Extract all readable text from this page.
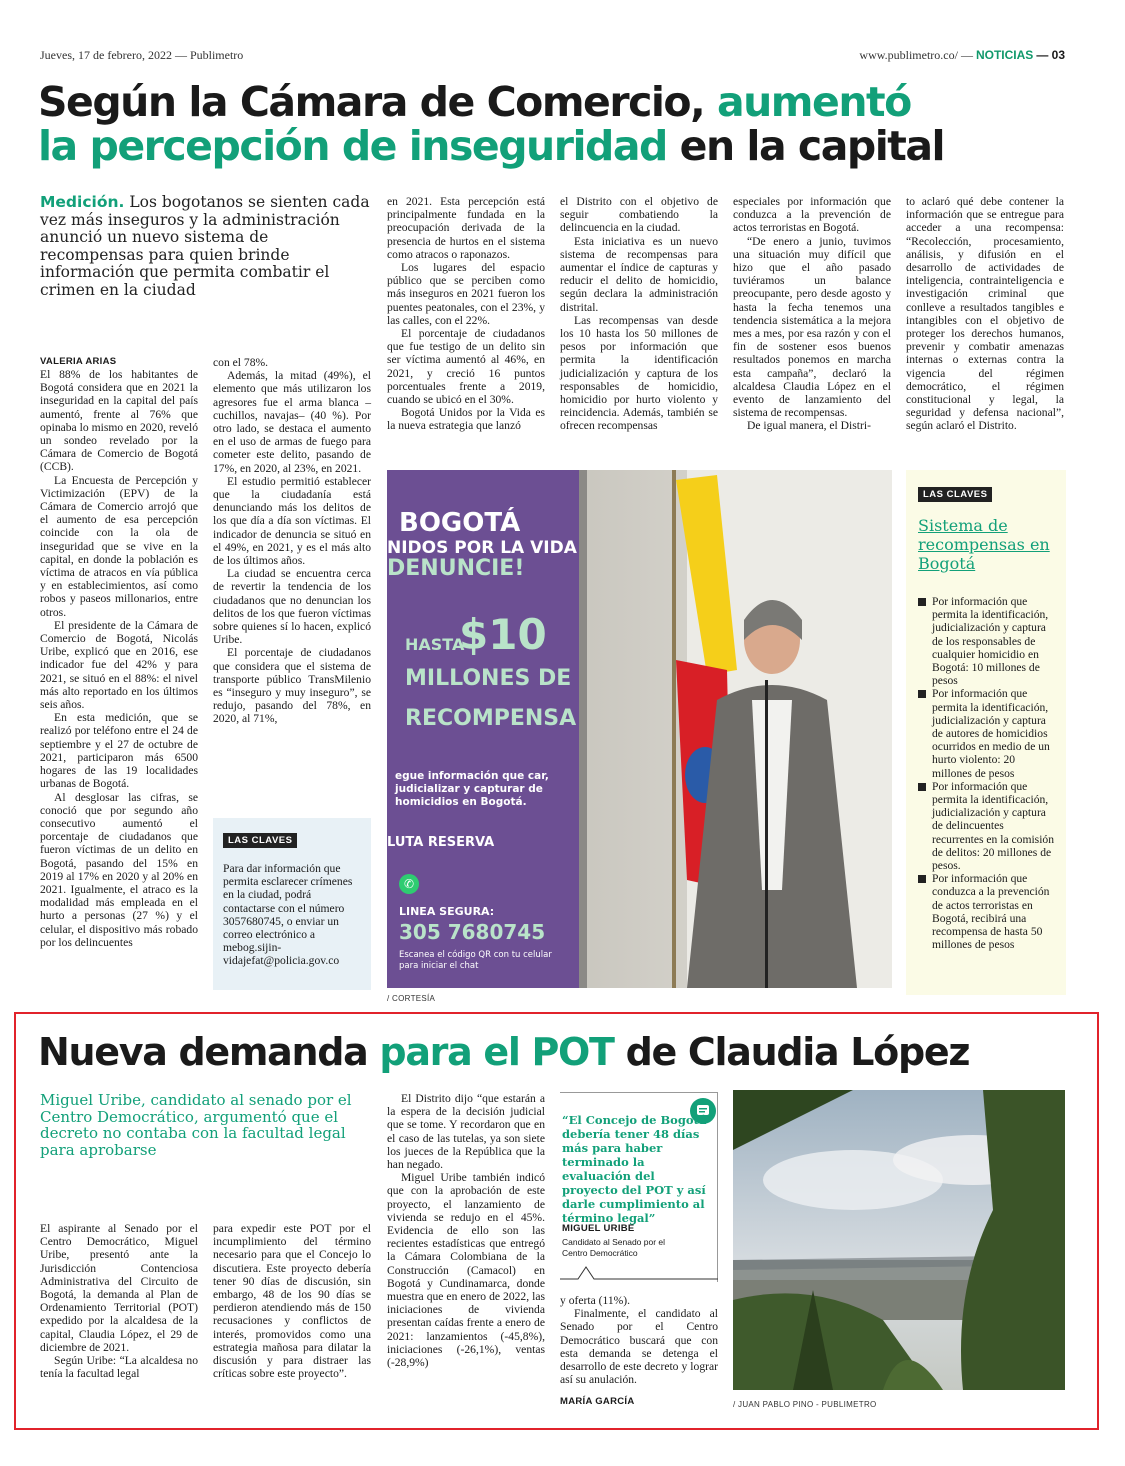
Jueves, 17 de febrero, 2022 — Publimetro	www.publimetro.co/ — NOTICIAS — 03
Según la Cámara de Comercio, aumentó
la percepción de inseguridad en la capital
Medición. Los bogotanos se sienten cada vez más inseguros y la administración anunció un nuevo sistema de recompensas para quien brinde información que permita combatir el crimen en la ciudad
VALERIA ARIAS

El 88% de los habitantes de Bogotá considera que en 2021 la inseguridad en la capital del país aumentó, frente al 76% que opinaba lo mismo en 2020, reveló un sondeo revelado por la Cámara de Comercio de Bogotá (CCB).

La Encuesta de Percepción y Victimización (EPV) de la Cámara de Comercio arrojó que el aumento de esa percepción coincide con la ola de inseguridad que se vive en la capital, en donde la población es víctima de atracos en vía pública y en establecimientos, así como robos y paseos millonarios, entre otros.

El presidente de la Cámara de Comercio de Bogotá, Nicolás Uribe, explicó que en 2016, ese indicador fue del 42% y para 2021, se situó en el 88%: el nivel más alto reportado en los últimos seis años.

En esta medición, que se realizó por teléfono entre el 24 de septiembre y el 27 de octubre de 2021, participaron más 6500 hogares de las 19 localidades urbanas de Bogotá.

Al desglosar las cifras, se conoció que por segundo año consecutivo aumentó el porcentaje de ciudadanos que fueron víctimas de un delito en Bogotá, pasando del 15% en 2019 al 17% en 2020 y al 20% en 2021. Igualmente, el atraco es la modalidad más empleada en el hurto a personas (27 %) y el celular, el dispositivo más robado por los delincuentes

con el 78%.

Además, la mitad (49%), el elemento que más utilizaron los agresores fue el arma blanca – cuchillos, navajas– (40 %). Por otro lado, se destaca el aumento en el uso de armas de fuego para cometer este delito, pasando de 17%, en 2020, al 23%, en 2021.

El estudio permitió establecer que la ciudadanía está denunciando más los delitos de los que día a día son víctimas. El indicador de denuncia se situó en el 49%, en 2021, y es el más alto de los últimos años.

La ciudad se encuentra cerca de revertir la tendencia de los ciudadanos que no denuncian los delitos de los que fueron víctimas sobre quienes sí lo hacen, explicó Uribe.

El porcentaje de ciudadanos que considera que el sistema de transporte público TransMilenio es “inseguro y muy inseguro”, se redujo, pasando del 78%, en 2020, al 71%,

LAS CLAVES
Para dar información que permita esclarecer crímenes en la ciudad, podrá contactarse con el número 3057680745, o enviar un correo electrónico a mebog.sijin-vidajefat@policia.gov.co

en 2021. Esta percepción está principalmente fundada en la preocupación derivada de la presencia de hurtos en el sistema como atracos o raponazos.

Los lugares del espacio público que se perciben como más inseguros en 2021 fueron los puentes peatonales, con el 23%, y las calles, con el 22%.

El porcentaje de ciudadanos que fue testigo de un delito sin ser víctima aumentó al 46%, en 2021, y creció 16 puntos porcentuales frente a 2019, cuando se ubicó en el 30%.

Bogotá Unidos por la Vida es la nueva estrategia que lanzó

el Distrito con el objetivo de seguir combatiendo la delincuencia en la ciudad.

Esta iniciativa es un nuevo sistema de recompensas para aumentar el índice de capturas y reducir el delito de homicidio, según declara la administración distrital.

Las recompensas van desde los 10 hasta los 50 millones de pesos por información que permita la identificación judicialización y captura de los responsables de homicidio, homicidio por hurto violento y reincidencia. Además, también se ofrecen recompensas

especiales por información que conduzca a la prevención de actos terroristas en Bogotá.

“De enero a junio, tuvimos una situación muy difícil que hizo que el año pasado tuviéramos un balance preocupante, pero desde agosto y hasta la fecha tenemos una tendencia sistemática a la mejora mes a mes, por esa razón y con el fin de sostener esos buenos resultados ponemos en marcha esta campaña”, declaró la alcaldesa Claudia López en el evento de lanzamiento del sistema de recompensas.

De igual manera, el Distri-

to aclaró qué debe contener la información que se entregue para acceder a una recompensa: “Recolección, procesamiento, análisis, y difusión en el desarrollo de actividades de inteligencia, contrainteligencia e investigación criminal que conlleve a resultados tangibles e intangibles con el objetivo de proteger los derechos humanos, prevenir y combatir amenazas internas o externas contra la vigencia del régimen democrático, el régimen constitucional y legal, la seguridad y defensa nacional”, según aclaró el Distrito.

BOGOTÁ
NIDOS POR LA VIDA
DENUNCIE!
HASTA
$10
MILLONES DE
RECOMPENSA
egue información que car, judicializar y capturar de homicidios en Bogotá.
LUTA RESERVA
✆
LINEA SEGURA:
305 7680745
Escanea el código QR con tu celular para iniciar el chat
/ CORTESÍA
LAS CLAVES
Sistema de recompensas en Bogotá
Por información que permita la identificación, judicialización y captura de los responsables de cualquier homicidio en Bogotá: 10 millones de pesos
Por información que permita la identificación, judicialización y captura de autores de homicidios ocurridos en medio de un hurto violento: 20 millones de pesos
Por información que permita la identificación, judicialización y captura de delincuentes recurrentes en la comisión de delitos: 20 millones de pesos.
Por información que conduzca a la prevención de actos terroristas en Bogotá, recibirá una recompensa de hasta 50 millones de pesos
Nueva demanda para el POT de Claudia López
Miguel Uribe, candidato al senado por el Centro Democrático, argumentó que el decreto no contaba con la facultad legal para aprobarse

El aspirante al Senado por el Centro Democrático, Miguel Uribe, presentó ante la Jurisdicción Contenciosa Administrativa del Circuito de Bogotá, la demanda al Plan de Ordenamiento Territorial (POT) expedido por la alcaldesa de la capital, Claudia López, el 29 de diciembre de 2021.

Según Uribe: “La alcaldesa no tenía la facultad legal

para expedir este POT por el incumplimiento del término necesario para que el Concejo lo discutiera. Este proyecto debería tener 90 días de discusión, sin embargo, 48 de los 90 días se perdieron atendiendo más de 150 recusaciones y conflictos de interés, promovidos como una estrategia mañosa para dilatar la discusión y para distraer las críticas sobre este proyecto”.

El Distrito dijo “que estarán a la espera de la decisión judicial que se tome. Y recordaron que en el caso de las tutelas, ya son siete los jueces de la República que la han negado.

Miguel Uribe también indicó que con la aprobación de este proyecto, el lanzamiento de vivienda se redujo en el 45%. Evidencia de ello son las recientes estadísticas que entregó la Cámara Colombiana de la Construcción (Camacol) en Bogotá y Cundinamarca, donde muestra que en enero de 2022, las iniciaciones de vivienda presentan caídas frente a enero de 2021: lanzamientos (-45,8%), iniciaciones (-26,1%), ventas (-28,9%)

“El Concejo de Bogotá debería tener 48 días más para haber terminado la evaluación del proyecto del POT y así darle cumplimiento al término legal”
MIGUEL URIBE
Candidato al Senado por el Centro Democrático

y oferta (11%).

Finalmente, el candidato al Senado por el Centro Democrático buscará que con esta demanda se detenga el desarrollo de este decreto y lograr así su anulación.

MARÍA GARCÍA	/ JUAN PABLO PINO - PUBLIMETRO
